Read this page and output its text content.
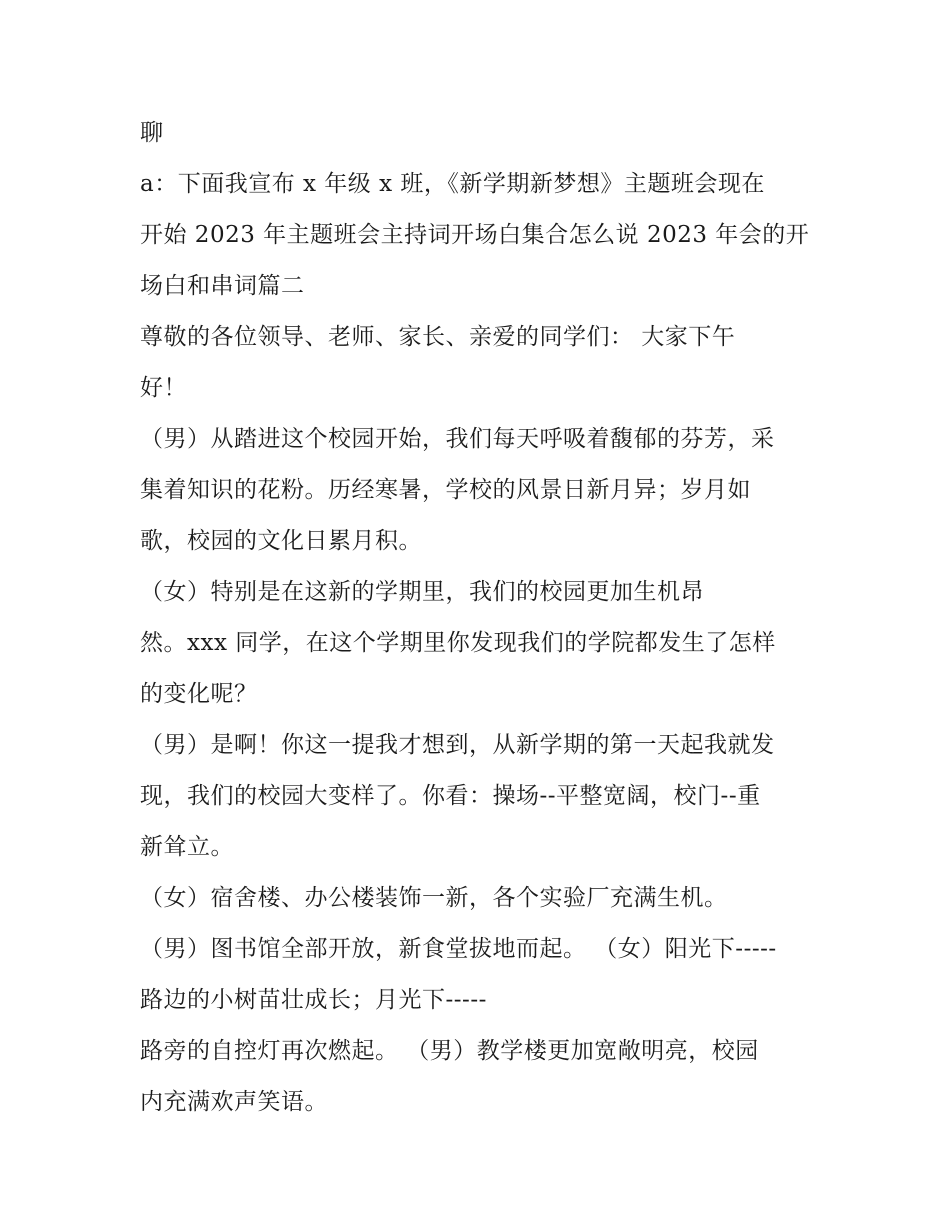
聊
a：下面我宣布 x 年级 x 班，《新学期新梦想》主题班会现在
开始 2023 年主题班会主持词开场白集合怎么说 2023 年会的开
场白和串词篇二
尊敬的各位领导、老师、家长、亲爱的同学们： 大家下午
好！
（男）从踏进这个校园开始，我们每天呼吸着馥郁的芬芳，采
集着知识的花粉。历经寒暑，学校的风景日新月异；岁月如
歌，校园的文化日累月积。
（女）特别是在这新的学期里，我们的校园更加生机昂
然。xxx 同学，在这个学期里你发现我们的学院都发生了怎样
的变化呢？
（男）是啊！你这一提我才想到，从新学期的第一天起我就发
现，我们的校园大变样了。你看：操场--平整宽阔，校门--重
新耸立。
（女）宿舍楼、办公楼装饰一新，各个实验厂充满生机。
（男）图书馆全部开放，新食堂拔地而起。 （女）阳光下-----
路边的小树苗壮成长；月光下-----
路旁的自控灯再次燃起。 （男）教学楼更加宽敞明亮，校园
内充满欢声笑语。
